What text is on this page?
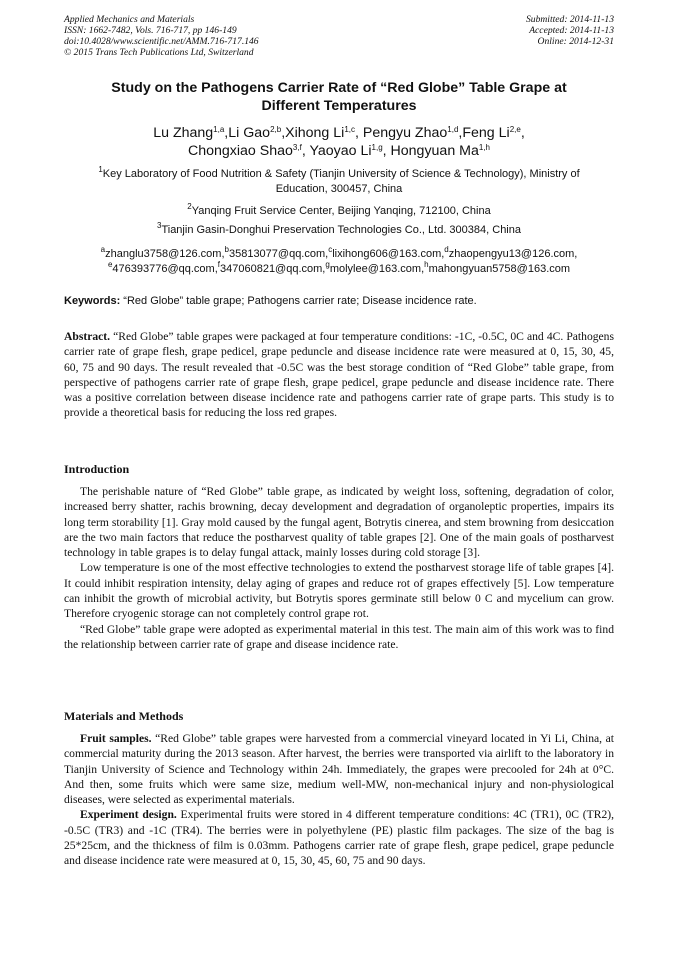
Applied Mechanics and Materials
ISSN: 1662-7482, Vols. 716-717, pp 146-149
doi:10.4028/www.scientific.net/AMM.716-717.146
© 2015 Trans Tech Publications Ltd, Switzerland
Submitted: 2014-11-13
Accepted: 2014-11-13
Online: 2014-12-31
Study on the Pathogens Carrier Rate of “Red Globe” Table Grape at
Different Temperatures
Lu Zhang$^{1,a}$,Li Gao$^{2,b}$,Xihong Li$^{1,c}$, Pengyu Zhao$^{1,d}$,Feng Li$^{2,e}$,
Chongxiao Shao$^{3,f}$, Yaoyao Li$^{1,g}$, Hongyuan Ma$^{1,h}$
$^1$Key Laboratory of Food Nutrition & Safety (Tianjin University of Science & Technology), Ministry of
Education, 300457, China
$^2$Yanqing Fruit Service Center, Beijing Yanqing, 712100, China
$^3$Tianjin Gasin-Donghui Preservation Technologies Co., Ltd. 300384, China
$^a$zhanglu3758@126.com,$^b$35813077@qq.com,$^c$lixihong606@163.com,$^d$zhaopengyu13@126.com,
$^e$476393776@qq.com,$^f$347060821@qq.com,$^g$molylee@163.com,$^h$mahongyuan5758@163.com
Keywords: “Red Globe” table grape; Pathogens carrier rate; Disease incidence rate.
Abstract. “Red Globe” table grapes were packaged at four temperature conditions: -1C, -0.5C, 0C and 4C. Pathogens carrier rate of grape flesh, grape pedicel, grape peduncle and disease incidence rate were measured at 0, 15, 30, 45, 60, 75 and 90 days. The result revealed that -0.5C was the best storage condition of “Red Globe” table grape, from perspective of pathogens carrier rate of grape flesh, grape pedicel, grape peduncle and disease incidence rate. There was a positive correlation between disease incidence rate and pathogens carrier rate of grape parts. This study is to provide a theoretical basis for reducing the loss red grapes.
Introduction

The perishable nature of “Red Globe” table grape, as indicated by weight loss, softening, degradation of color, increased berry shatter, rachis browning, decay development and degradation of organoleptic properties, impairs its long term storability [1]. Gray mold caused by the fungal agent, Botrytis cinerea, and stem browning from desiccation are the two main factors that reduce the postharvest quality of table grapes [2]. One of the main goals of postharvest technology in table grapes is to delay fungal attack, mainly losses during cold storage [3].

Low temperature is one of the most effective technologies to extend the postharvest storage life of table grapes [4]. It could inhibit respiration intensity, delay aging of grapes and reduce rot of grapes effectively [5]. Low temperature can inhibit the growth of microbial activity, but Botrytis spores germinate still below 0 C and mycelium can grow. Therefore cryogenic storage can not completely control grape rot.

“Red Globe” table grape were adopted as experimental material in this test. The main aim of this work was to find the relationship between carrier rate of grape and disease incidence rate.

Materials and Methods

Fruit samples. “Red Globe” table grapes were harvested from a commercial vineyard located in Yi Li, China, at commercial maturity during the 2013 season. After harvest, the berries were transported via airlift to the laboratory in Tianjin University of Science and Technology within 24h. Immediately, the grapes were precooled for 24h at 0°C. And then, some fruits which were same size, medium well-MW, non-mechanical injury and non-physiological diseases, were selected as experimental materials.

Experiment design. Experimental fruits were stored in 4 different temperature conditions: 4C (TR1), 0C (TR2), -0.5C (TR3) and -1C (TR4). The berries were in polyethylene (PE) plastic film packages. The size of the bag is 25*25cm, and the thickness of film is 0.03mm. Pathogens carrier rate of grape flesh, grape pedicel, grape peduncle and disease incidence rate were measured at 0, 15, 30, 45, 60, 75 and 90 days.
